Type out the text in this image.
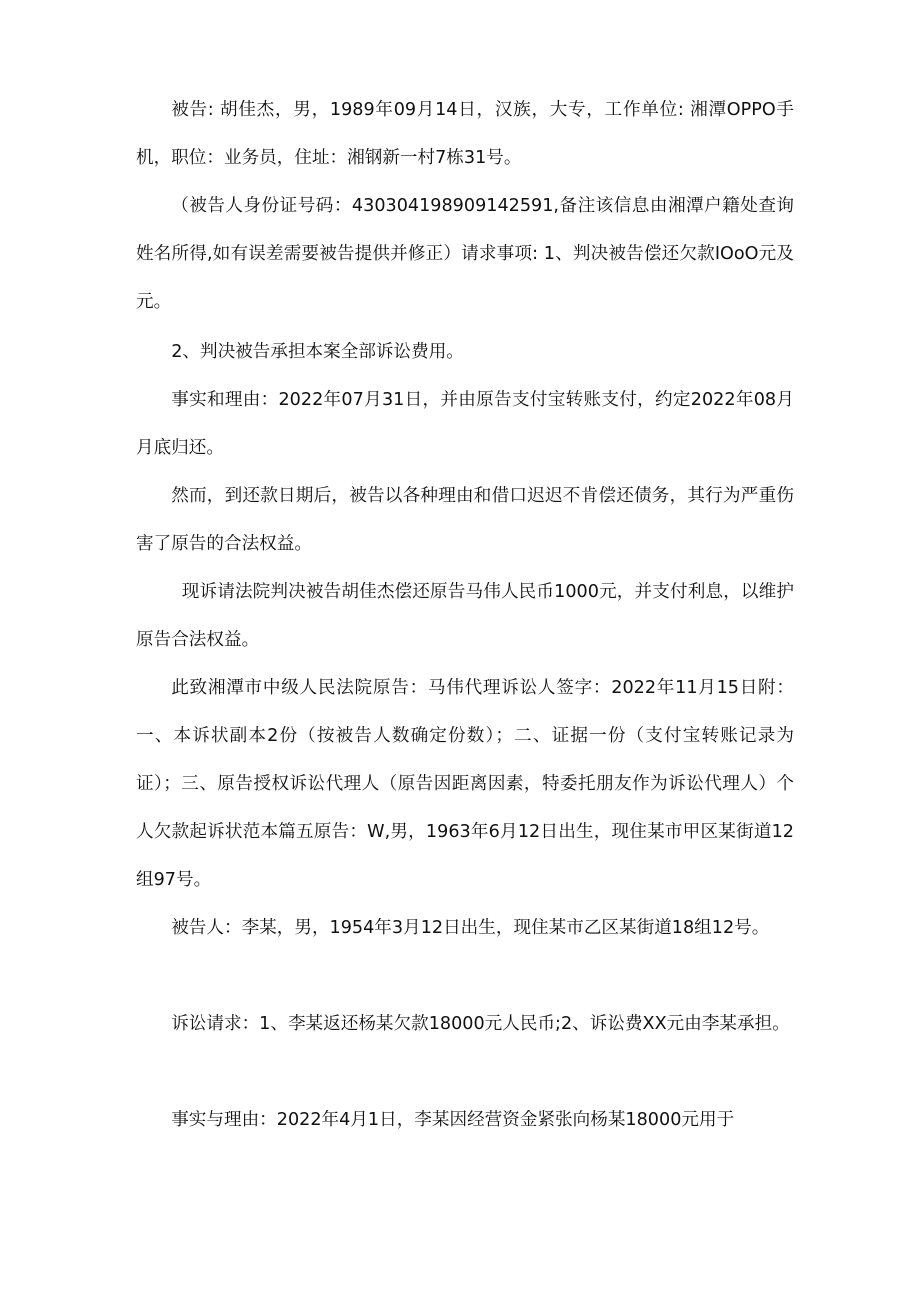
被告: 胡佳杰，男，1989年09月14日，汉族，大专，工作单位: 湘潭OPPO手机，职位：业务员，住址：湘钢新一村7栋31号。

（被告人身份证号码：430304198909142591,备注该信息由湘潭户籍处查询姓名所得,如有误差需要被告提供并修正）请求事项: 1、判决被告偿还欠款IOoO元及元。

2、判决被告承担本案全部诉讼费用。

事实和理由：2022年07月31日，并由原告支付宝转账支付，约定2022年08月月底归还。

然而，到还款日期后，被告以各种理由和借口迟迟不肯偿还债务，其行为严重伤害了原告的合法权益。

现诉请法院判决被告胡佳杰偿还原告马伟人民币1000元，并支付利息，以维护原告合法权益。

此致湘潭市中级人民法院原告：马伟代理诉讼人签字：2022年11月15日附：一、本诉状副本2份（按被告人数确定份数）；二、证据一份（支付宝转账记录为证）；三、原告授权诉讼代理人（原告因距离因素，特委托朋友作为诉讼代理人）个人欠款起诉状范本篇五原告：W,男，1963年6月12日出生，现住某市甲区某街道12组97号。

被告人：李某，男，1954年3月12日出生，现住某市乙区某街道18组12号。

诉讼请求：1、李某返还杨某欠款18000元人民币;2、诉讼费XX元由李某承担。

事实与理由：2022年4月1日，李某因经营资金紧张向杨某18000元用于
